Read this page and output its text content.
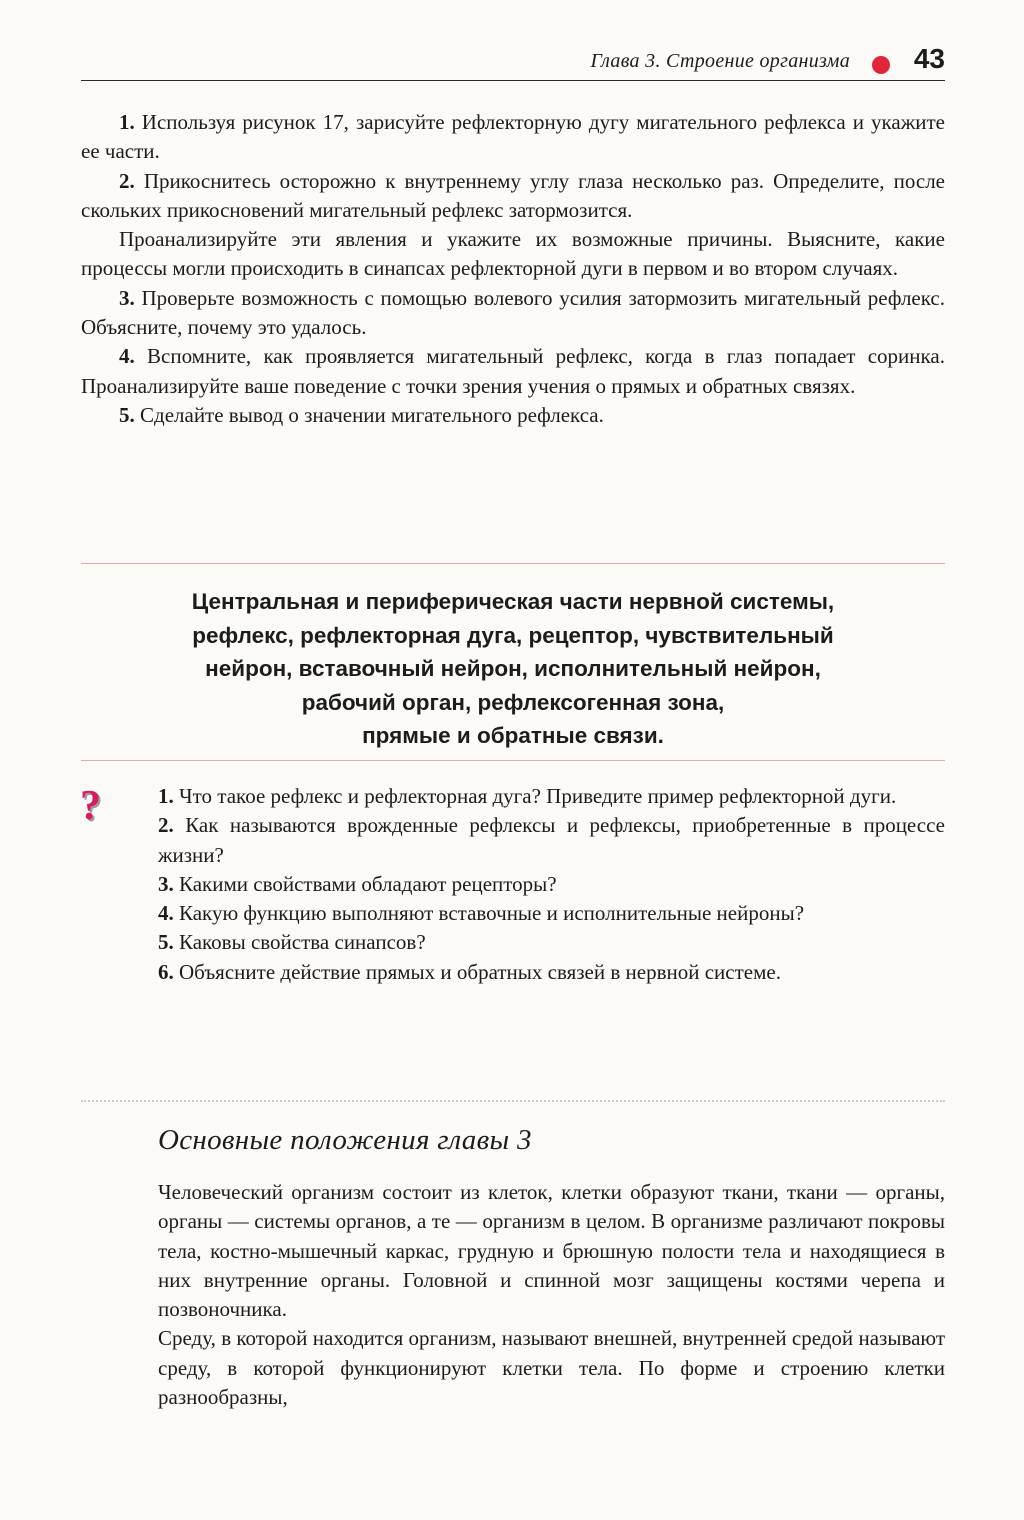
Глава 3. Строение организма 43

1. Используя рисунок 17, зарисуйте рефлекторную дугу мигательного рефлекса и укажите ее части.

2. Прикоснитесь осторожно к внутреннему углу глаза несколько раз. Определите, после скольких прикосновений мигательный рефлекс затормозится.

Проанализируйте эти явления и укажите их возможные причины. Выясните, какие процессы могли происходить в синапсах рефлекторной дуги в первом и во втором случаях.

3. Проверьте возможность с помощью волевого усилия затормозить мигательный рефлекс. Объясните, почему это удалось.

4. Вспомните, как проявляется мигательный рефлекс, когда в глаз попадает соринка. Проанализируйте ваше поведение с точки зрения учения о прямых и обратных связях.

5. Сделайте вывод о значении мигательного рефлекса.

Центральная и периферическая части нервной системы,
рефлекс, рефлекторная дуга, рецептор, чувствительный
нейрон, вставочный нейрон, исполнительный нейрон,
рабочий орган, рефлексогенная зона,
прямые и обратные связи.
?	1. Что такое рефлекс и рефлекторная дуга? Приведите пример рефлекторной дуги.

2. Как называются врожденные рефлексы и рефлексы, приобретенные в процессе жизни?

3. Какими свойствами обладают рецепторы?

4. Какую функцию выполняют вставочные и исполнительные нейроны?

5. Каковы свойства синапсов?

6. Объясните действие прямых и обратных связей в нервной системе.

Основные положения главы 3

Человеческий организм состоит из клеток, клетки образуют ткани, ткани — органы, органы — системы органов, а те — организм в целом. В организме различают покровы тела, костно-мышечный каркас, грудную и брюшную полости тела и находящиеся в них внутренние органы. Головной и спинной мозг защищены костями черепа и позвоночника.

Среду, в которой находится организм, называют внешней, внутренней средой называют среду, в которой функционируют клетки тела. По форме и строению клетки разнообразны,
